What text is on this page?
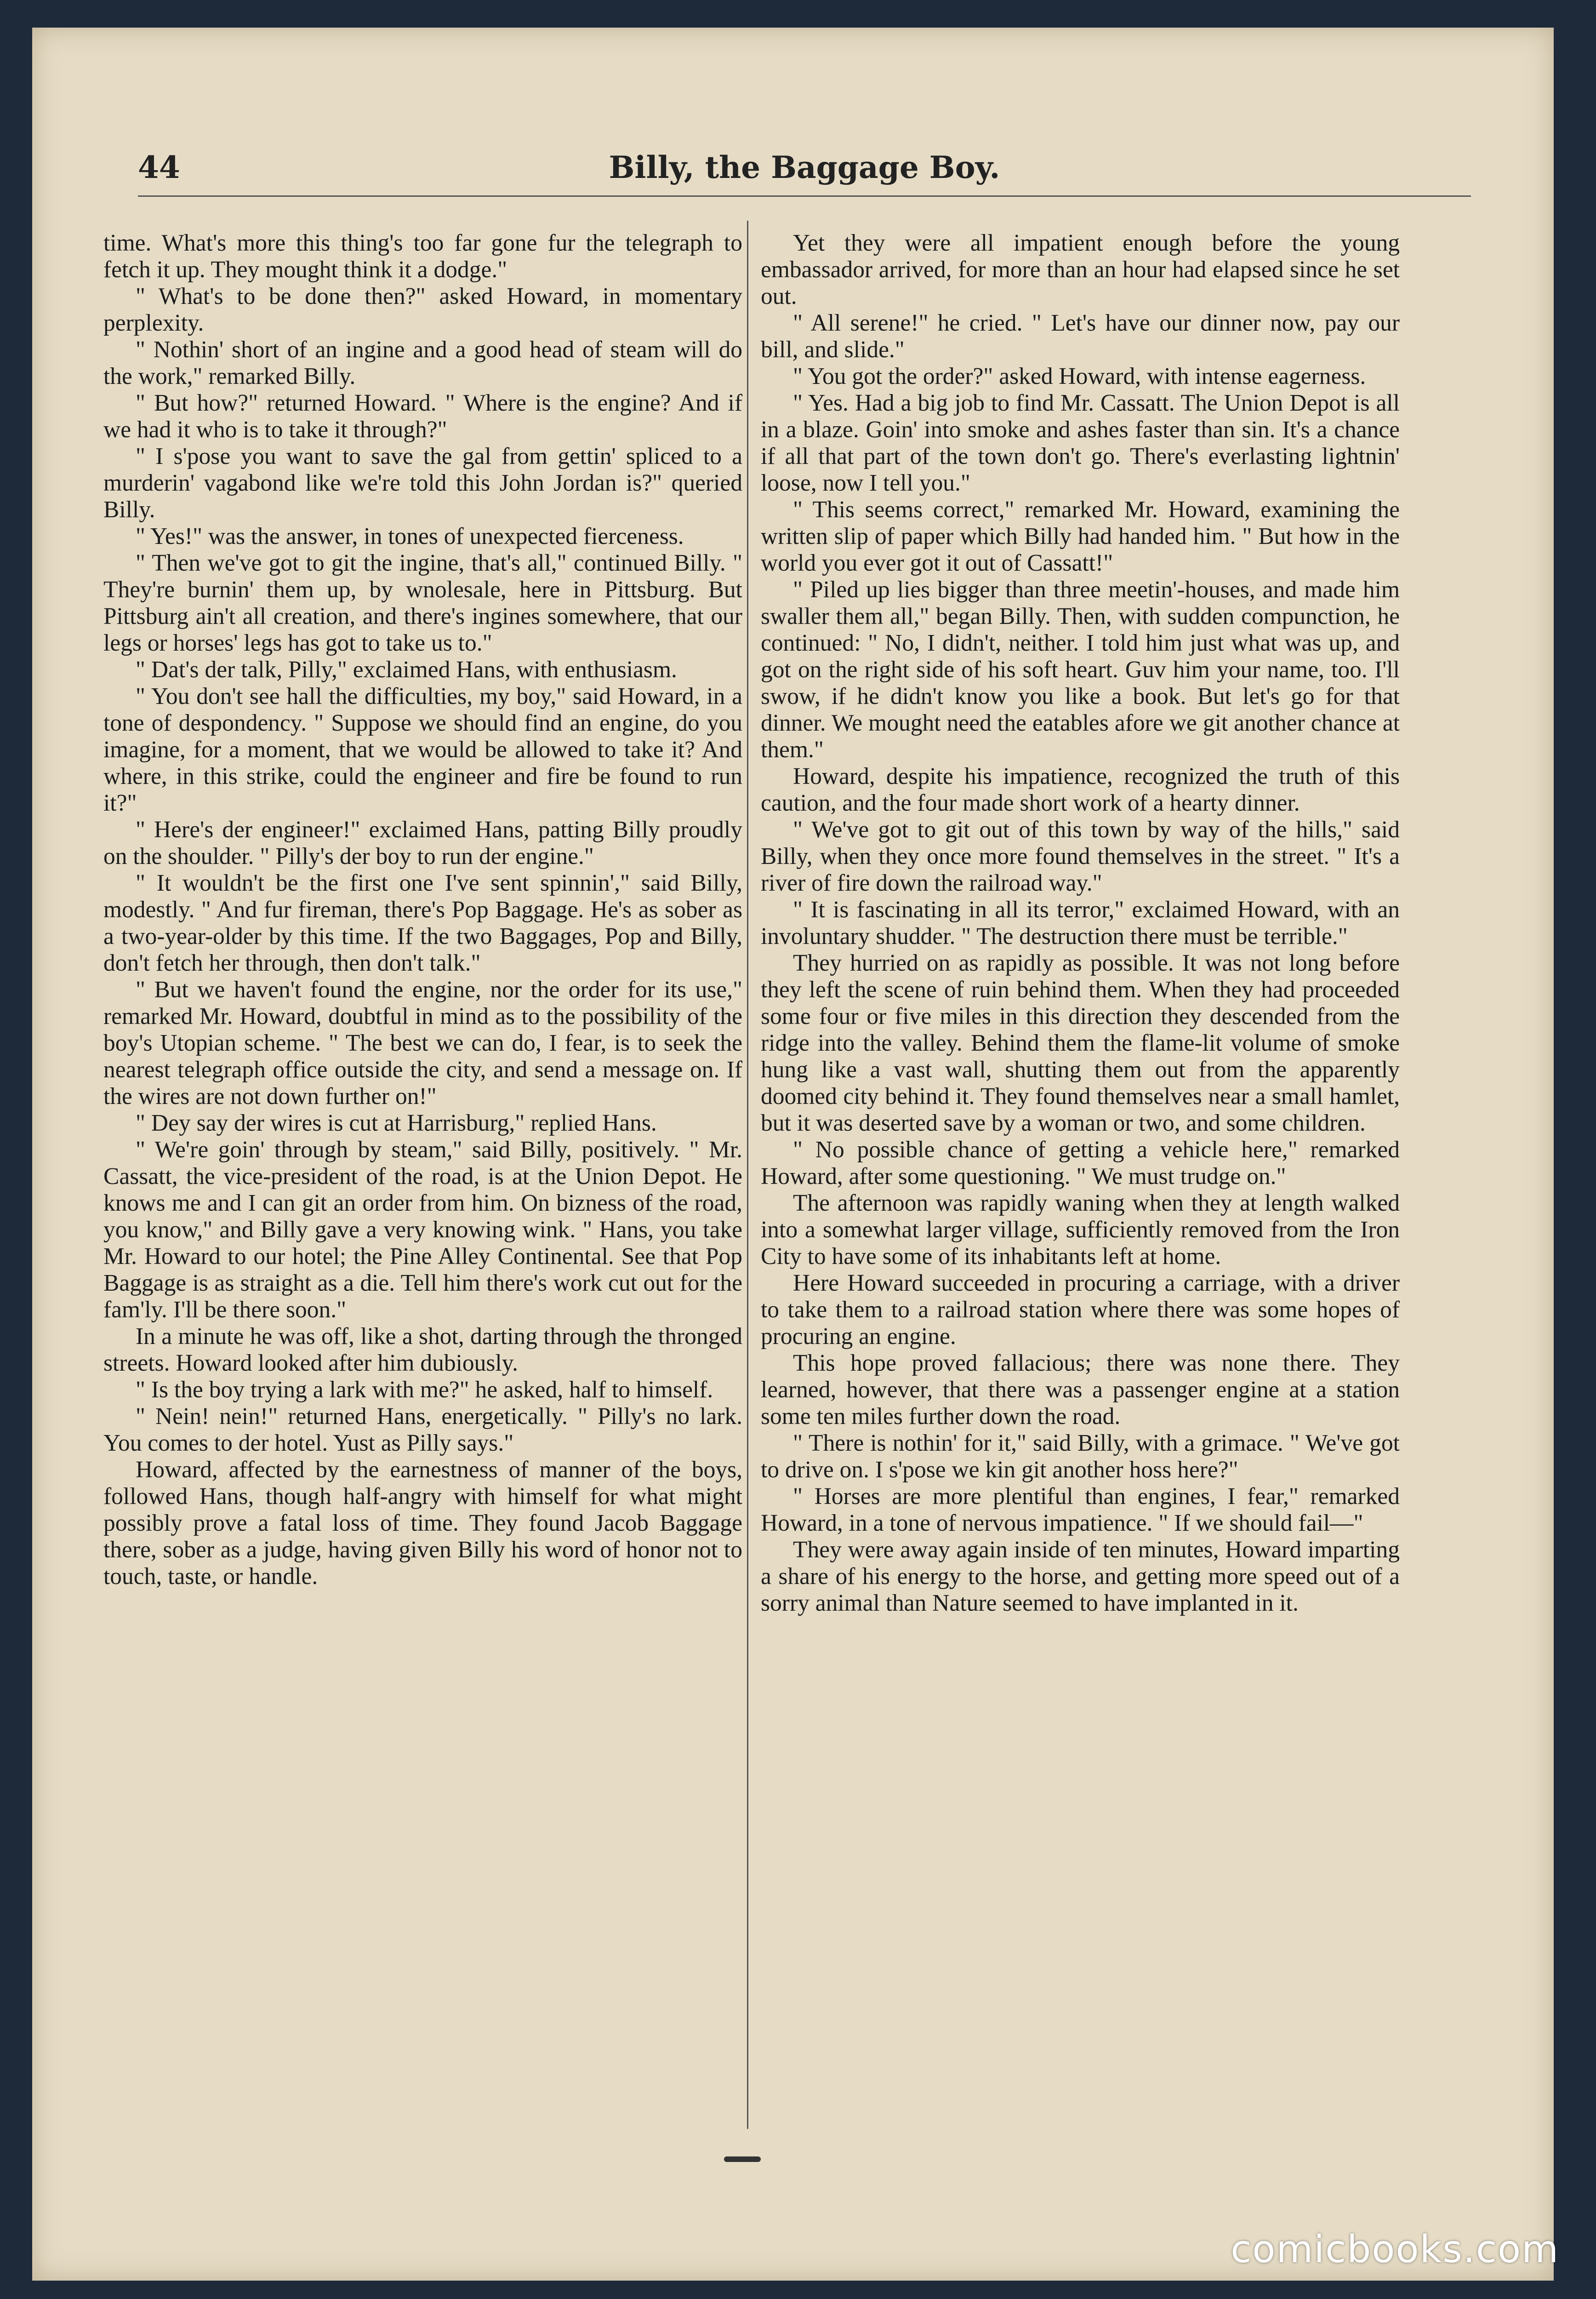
44	Billy, the Baggage Boy.

time. What's more this thing's too far gone fur the telegraph to fetch it up. They mought think it a dodge."

" What's to be done then?" asked Howard, in momentary perplexity.

" Nothin' short of an ingine and a good head of steam will do the work," remarked Billy.

" But how?" returned Howard. " Where is the engine? And if we had it who is to take it through?"

" I s'pose you want to save the gal from gettin' spliced to a murderin' vagabond like we're told this John Jordan is?" queried Billy.

" Yes!" was the answer, in tones of unexpected fierceness.

" Then we've got to git the ingine, that's all," continued Billy. " They're burnin' them up, by wnolesale, here in Pittsburg. But Pittsburg ain't all creation, and there's ingines somewhere, that our legs or horses' legs has got to take us to."

" Dat's der talk, Pilly," exclaimed Hans, with enthusiasm.

" You don't see hall the difficulties, my boy," said Howard, in a tone of despondency. " Suppose we should find an engine, do you imagine, for a moment, that we would be allowed to take it? And where, in this strike, could the engineer and fire be found to run it?"

" Here's der engineer!" exclaimed Hans, patting Billy proudly on the shoulder. " Pilly's der boy to run der engine."

" It wouldn't be the first one I've sent spinnin'," said Billy, modestly. " And fur fireman, there's Pop Baggage. He's as sober as a two-year-older by this time. If the two Baggages, Pop and Billy, don't fetch her through, then don't talk."

" But we haven't found the engine, nor the order for its use," remarked Mr. Howard, doubtful in mind as to the possibility of the boy's Utopian scheme. " The best we can do, I fear, is to seek the nearest telegraph office outside the city, and send a message on. If the wires are not down further on!"

" Dey say der wires is cut at Harrisburg," replied Hans.

" We're goin' through by steam," said Billy, positively. " Mr. Cassatt, the vice-president of the road, is at the Union Depot. He knows me and I can git an order from him. On bizness of the road, you know," and Billy gave a very knowing wink. " Hans, you take Mr. Howard to our hotel; the Pine Alley Continental. See that Pop Baggage is as straight as a die. Tell him there's work cut out for the fam'ly. I'll be there soon."

In a minute he was off, like a shot, darting through the thronged streets. Howard looked after him dubiously.

" Is the boy trying a lark with me?" he asked, half to himself.

" Nein! nein!" returned Hans, energetically. " Pilly's no lark. You comes to der hotel. Yust as Pilly says."

Howard, affected by the earnestness of manner of the boys, followed Hans, though half-angry with himself for what might possibly prove a fatal loss of time. They found Jacob Baggage there, sober as a judge, having given Billy his word of honor not to touch, taste, or handle.

Yet they were all impatient enough before the young embassador arrived, for more than an hour had elapsed since he set out.

" All serene!" he cried. " Let's have our dinner now, pay our bill, and slide."

" You got the order?" asked Howard, with intense eagerness.

" Yes. Had a big job to find Mr. Cassatt. The Union Depot is all in a blaze. Goin' into smoke and ashes faster than sin. It's a chance if all that part of the town don't go. There's everlasting lightnin' loose, now I tell you."

" This seems correct," remarked Mr. Howard, examining the written slip of paper which Billy had handed him. " But how in the world you ever got it out of Cassatt!"

" Piled up lies bigger than three meetin'-houses, and made him swaller them all," began Billy. Then, with sudden compunction, he continued: " No, I didn't, neither. I told him just what was up, and got on the right side of his soft heart. Guv him your name, too. I'll swow, if he didn't know you like a book. But let's go for that dinner. We mought need the eatables afore we git another chance at them."

Howard, despite his impatience, recognized the truth of this caution, and the four made short work of a hearty dinner.

" We've got to git out of this town by way of the hills," said Billy, when they once more found themselves in the street. " It's a river of fire down the railroad way."

" It is fascinating in all its terror," exclaimed Howard, with an involuntary shudder. " The destruction there must be terrible."

They hurried on as rapidly as possible. It was not long before they left the scene of ruin behind them. When they had proceeded some four or five miles in this direction they descended from the ridge into the valley. Behind them the flame-lit volume of smoke hung like a vast wall, shutting them out from the apparently doomed city behind it. They found themselves near a small hamlet, but it was deserted save by a woman or two, and some children.

" No possible chance of getting a vehicle here," remarked Howard, after some questioning. " We must trudge on."

The afternoon was rapidly waning when they at length walked into a somewhat larger village, sufficiently removed from the Iron City to have some of its inhabitants left at home.

Here Howard succeeded in procuring a carriage, with a driver to take them to a railroad station where there was some hopes of procuring an engine.

This hope proved fallacious; there was none there. They learned, however, that there was a passenger engine at a station some ten miles further down the road.

" There is nothin' for it," said Billy, with a grimace. " We've got to drive on. I s'pose we kin git another hoss here?"

" Horses are more plentiful than engines, I fear," remarked Howard, in a tone of nervous impatience. " If we should fail—"

They were away again inside of ten minutes, Howard imparting a share of his energy to the horse, and getting more speed out of a sorry animal than Nature seemed to have implanted in it.

comicbooks.com
